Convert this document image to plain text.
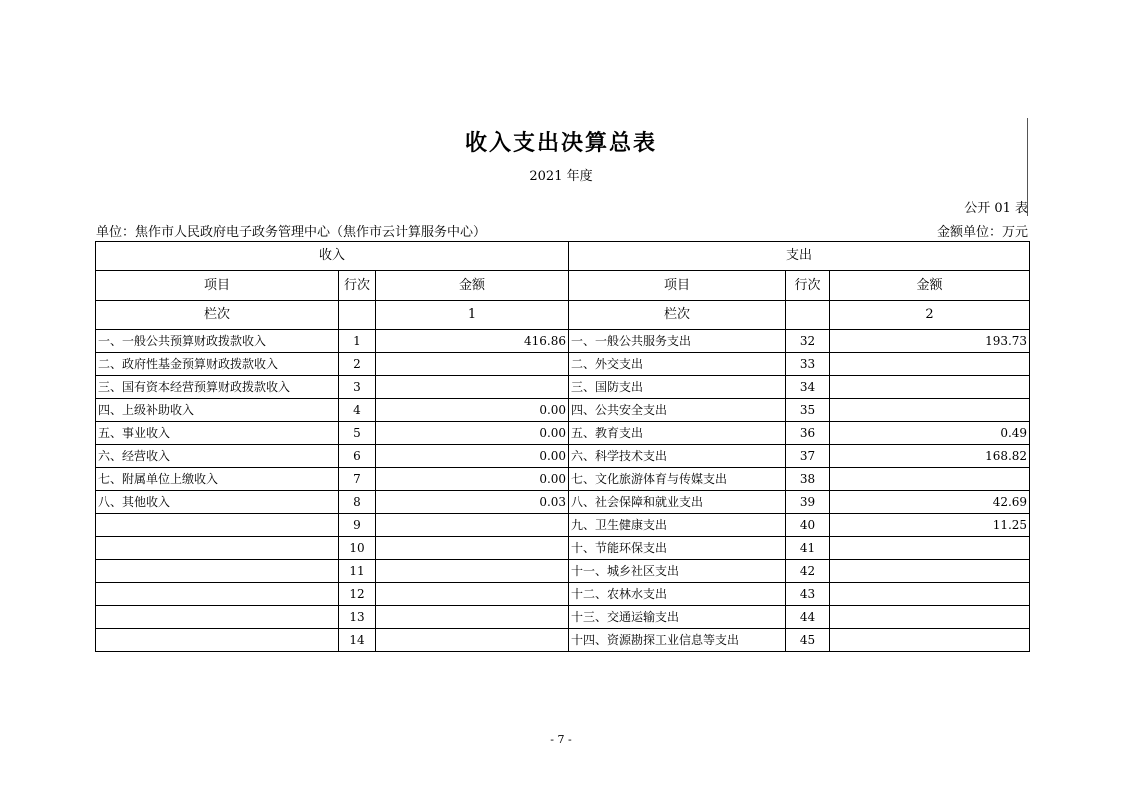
收入支出决算总表
2021 年度
公开 01 表
单位：焦作市人民政府电子政务管理中心（焦作市云计算服务中心）	金额单位：万元
收入			支出		
项目	行次	金额	项目	行次	金额
栏次		1	栏次		2
一、一般公共预算财政拨款收入	1	416.86	一、一般公共服务支出	32	193.73
二、政府性基金预算财政拨款收入	2		二、外交支出	33	
三、国有资本经营预算财政拨款收入	3		三、国防支出	34	
四、上级补助收入	4	0.00	四、公共安全支出	35	
五、事业收入	5	0.00	五、教育支出	36	0.49
六、经营收入	6	0.00	六、科学技术支出	37	168.82
七、附属单位上缴收入	7	0.00	七、文化旅游体育与传媒支出	38	
八、其他收入	8	0.03	八、社会保障和就业支出	39	42.69
	9		九、卫生健康支出	40	11.25
	10		十、节能环保支出	41	
	11		十一、城乡社区支出	42	
	12		十二、农林水支出	43	
	13		十三、交通运输支出	44	
	14		十四、资源勘探工业信息等支出	45	
- 7 -
